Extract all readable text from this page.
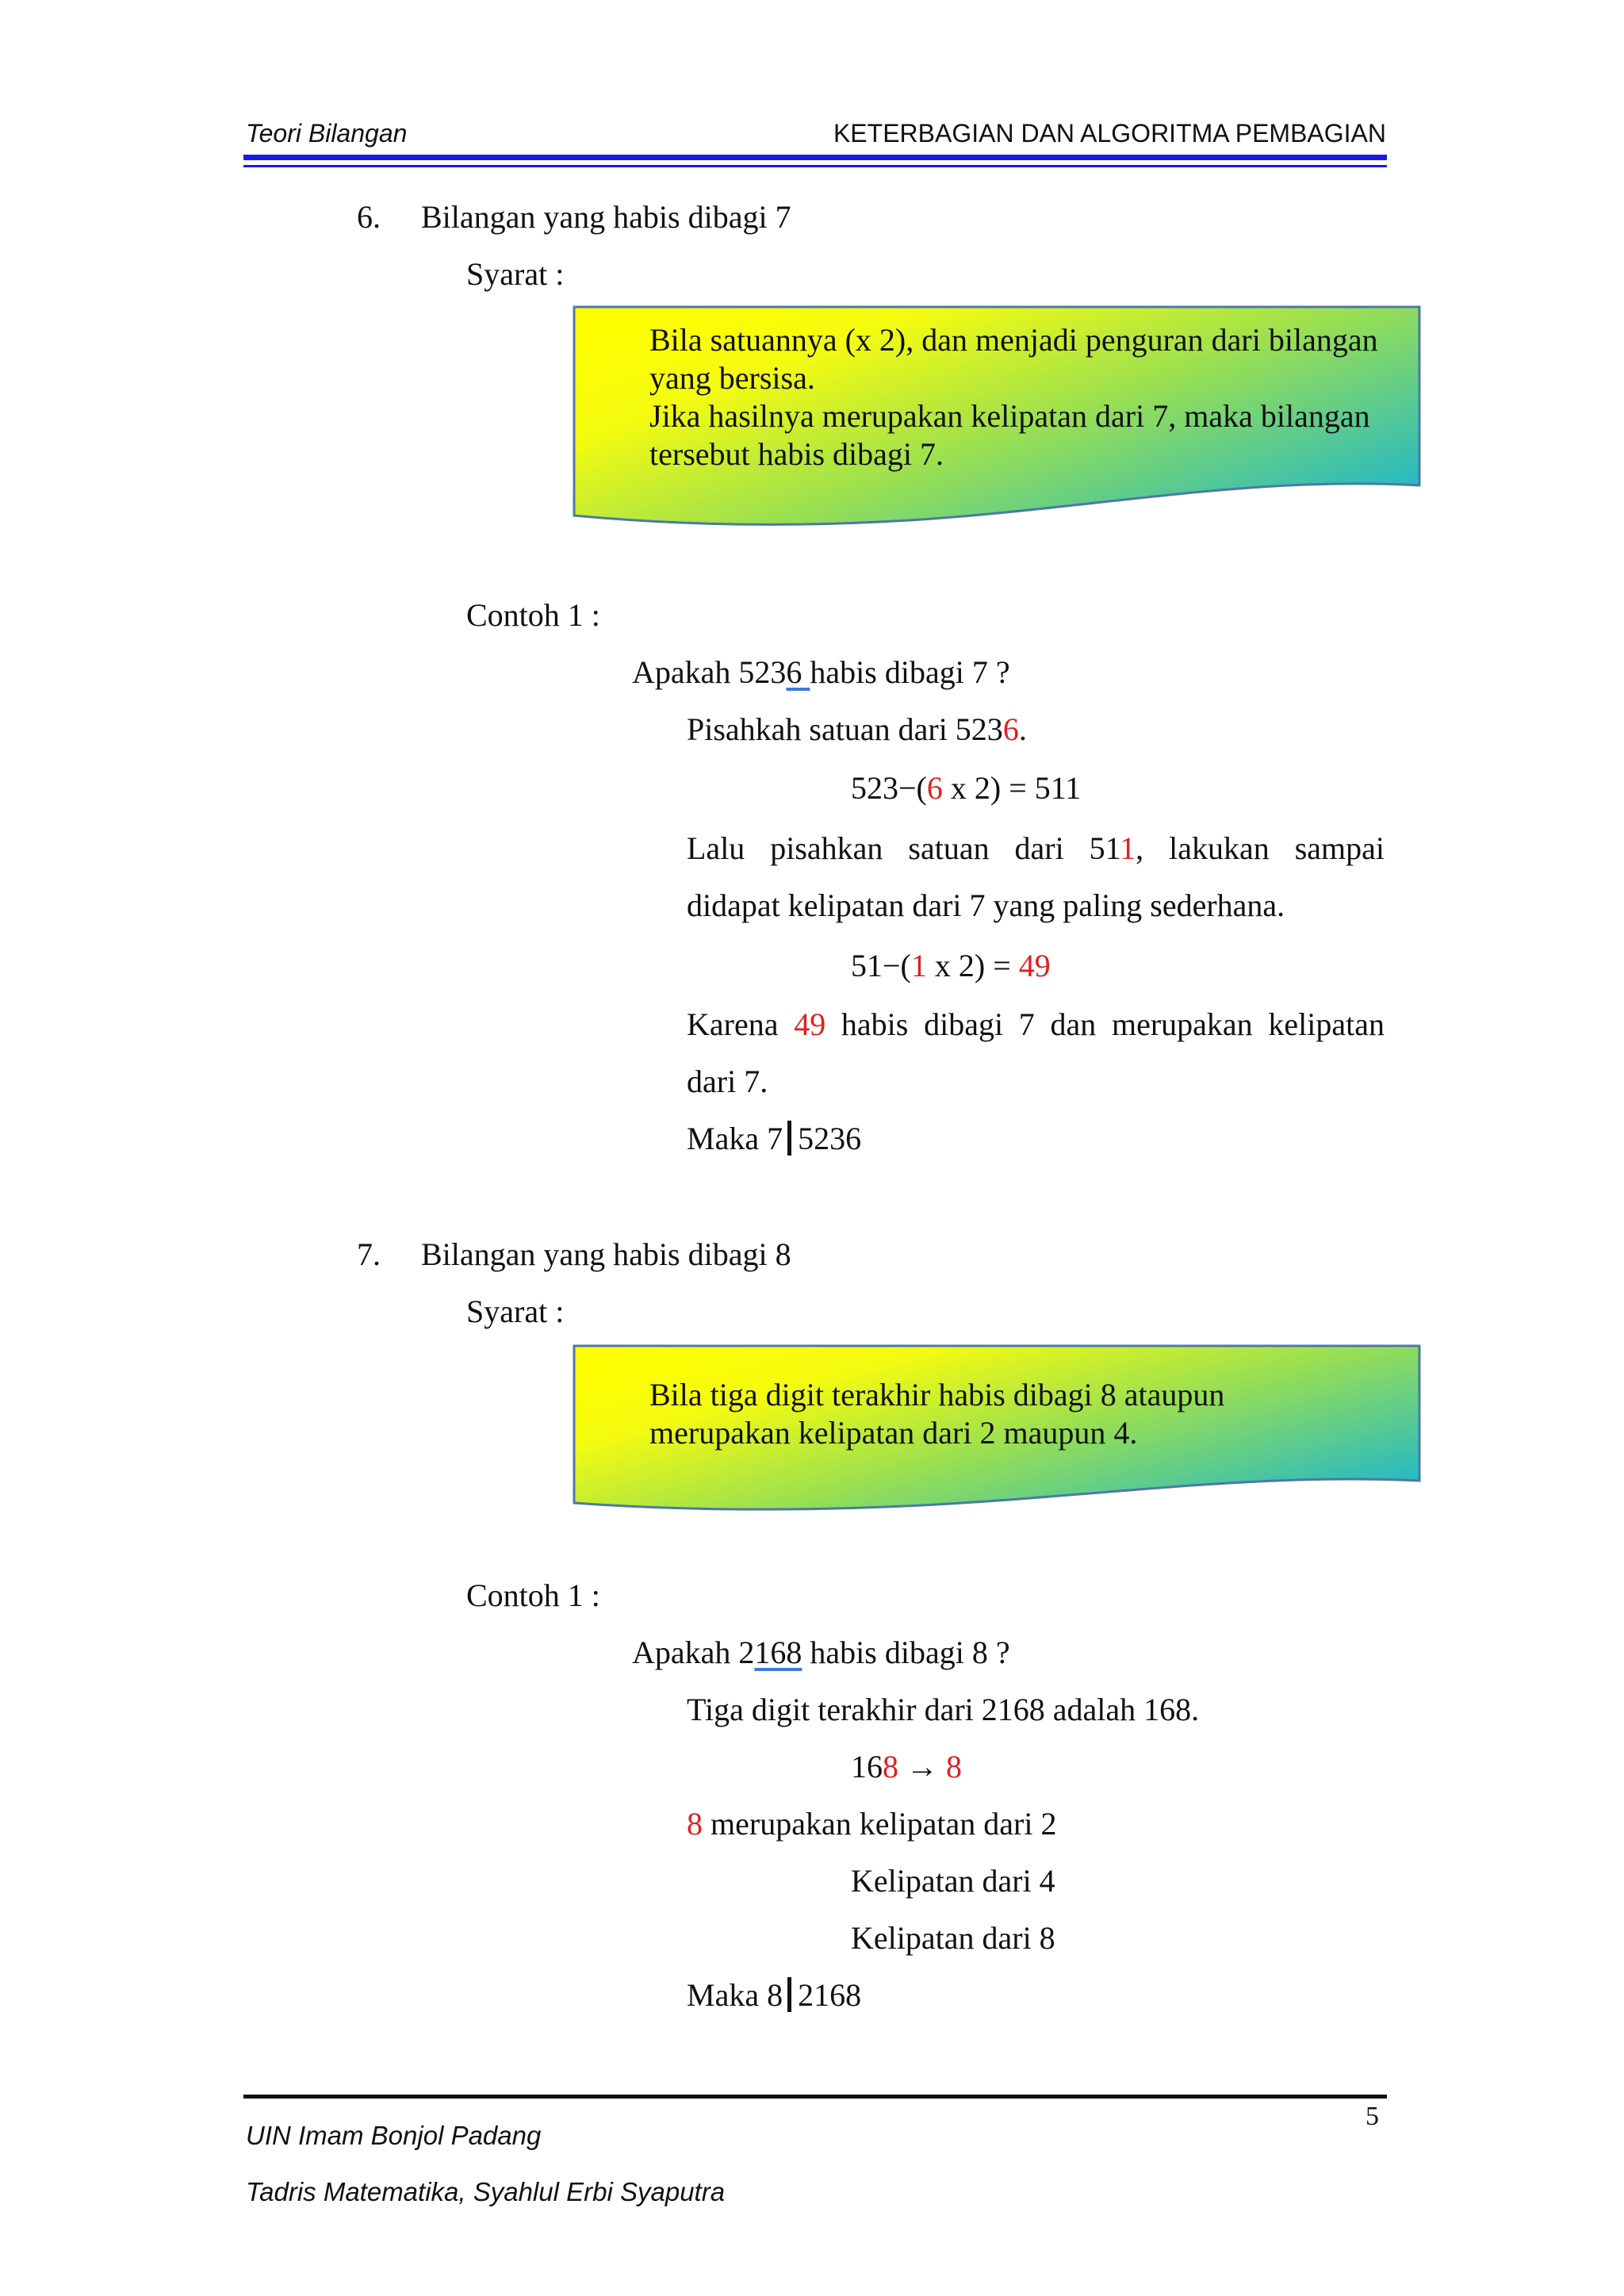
Teori Bilangan	KETERBAGIAN DAN ALGORITMA PEMBAGIAN
6. Bilangan yang habis dibagi 7
Syarat :
Bila satuannya (x 2), dan menjadi penguran dari bilangan yang bersisa.
Jika hasilnya merupakan kelipatan dari 7, maka bilangan tersebut habis dibagi 7.
Contoh 1 :
Apakah 5236 habis dibagi 7 ?
Pisahkah satuan dari 5236.
523−(6 x 2) = 511
Lalu pisahkan satuan dari 511, lakukan sampai
didapat kelipatan dari 7 yang paling sederhana.
51−(1 x 2) = 49
Karena 49 habis dibagi 7 dan merupakan kelipatan
dari 7.
Maka 7 5236
7. Bilangan yang habis dibagi 8
Syarat :
Bila tiga digit terakhir habis dibagi 8 ataupun merupakan kelipatan dari 2 maupun 4.
Contoh 1 :
Apakah 2168 habis dibagi 8 ?
Tiga digit terakhir dari 2168 adalah 168.
168 → 8
8 merupakan kelipatan dari 2
Kelipatan dari 4
Kelipatan dari 8
Maka 8 2168
5
UIN Imam Bonjol Padang
Tadris Matematika, Syahlul Erbi Syaputra
